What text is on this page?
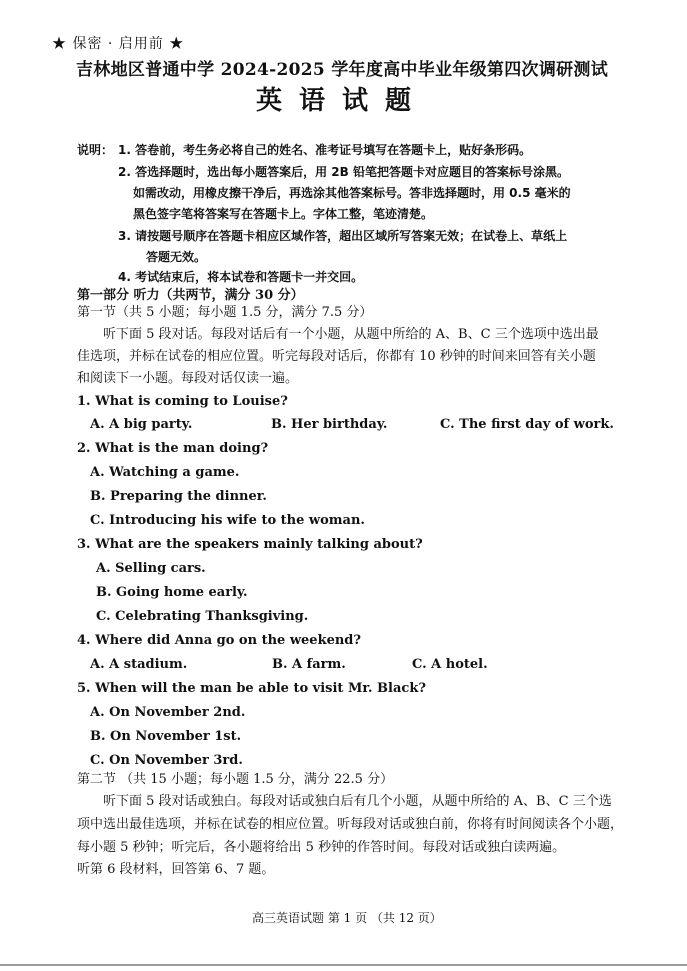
★ 保密 · 启用前 ★
吉林地区普通中学 2024-2025 学年度高中毕业年级第四次调研测试
英语试题
说明： 1. 答卷前，考生务必将自己的姓名、准考证号填写在答题卡上，贴好条形码。
2. 答选择题时，选出每小题答案后，用 2B 铅笔把答题卡对应题目的答案标号涂黑。
如需改动，用橡皮擦干净后，再选涂其他答案标号。答非选择题时，用 0.5 毫米的
黑色签字笔将答案写在答题卡上。字体工整，笔迹清楚。
3. 请按题号顺序在答题卡相应区域作答，超出区域所写答案无效；在试卷上、草纸上
答题无效。
4. 考试结束后，将本试卷和答题卡一并交回。
第一部分 听力（共两节，满分 30 分）
第一节（共 5 小题；每小题 1.5 分，满分 7.5 分）
听下面 5 段对话。每段对话后有一个小题，从题中所给的 A、B、C 三个选项中选出最
佳选项，并标在试卷的相应位置。听完每段对话后，你都有 10 秒钟的时间来回答有关小题
和阅读下一小题。每段对话仅读一遍。
1. What is coming to Louise?
A. A big party.	B. Her birthday.	C. The first day of work.
2. What is the man doing?
A. Watching a game.
B. Preparing the dinner.
C. Introducing his wife to the woman.
3. What are the speakers mainly talking about?
A. Selling cars.
B. Going home early.
C. Celebrating Thanksgiving.
4. Where did Anna go on the weekend?
A. A stadium.	B. A farm.	C. A hotel.
5. When will the man be able to visit Mr. Black?
A. On November 2nd.
B. On November 1st.
C. On November 3rd.
第二节 （共 15 小题；每小题 1.5 分，满分 22.5 分）
听下面 5 段对话或独白。每段对话或独白后有几个小题，从题中所给的 A、B、C 三个选
项中选出最佳选项，并标在试卷的相应位置。听每段对话或独白前，你将有时间阅读各个小题，
每小题 5 秒钟；听完后，各小题将给出 5 秒钟的作答时间。每段对话或独白读两遍。
听第 6 段材料，回答第 6、7 题。
高三英语试题 第 1 页 （共 12 页）
